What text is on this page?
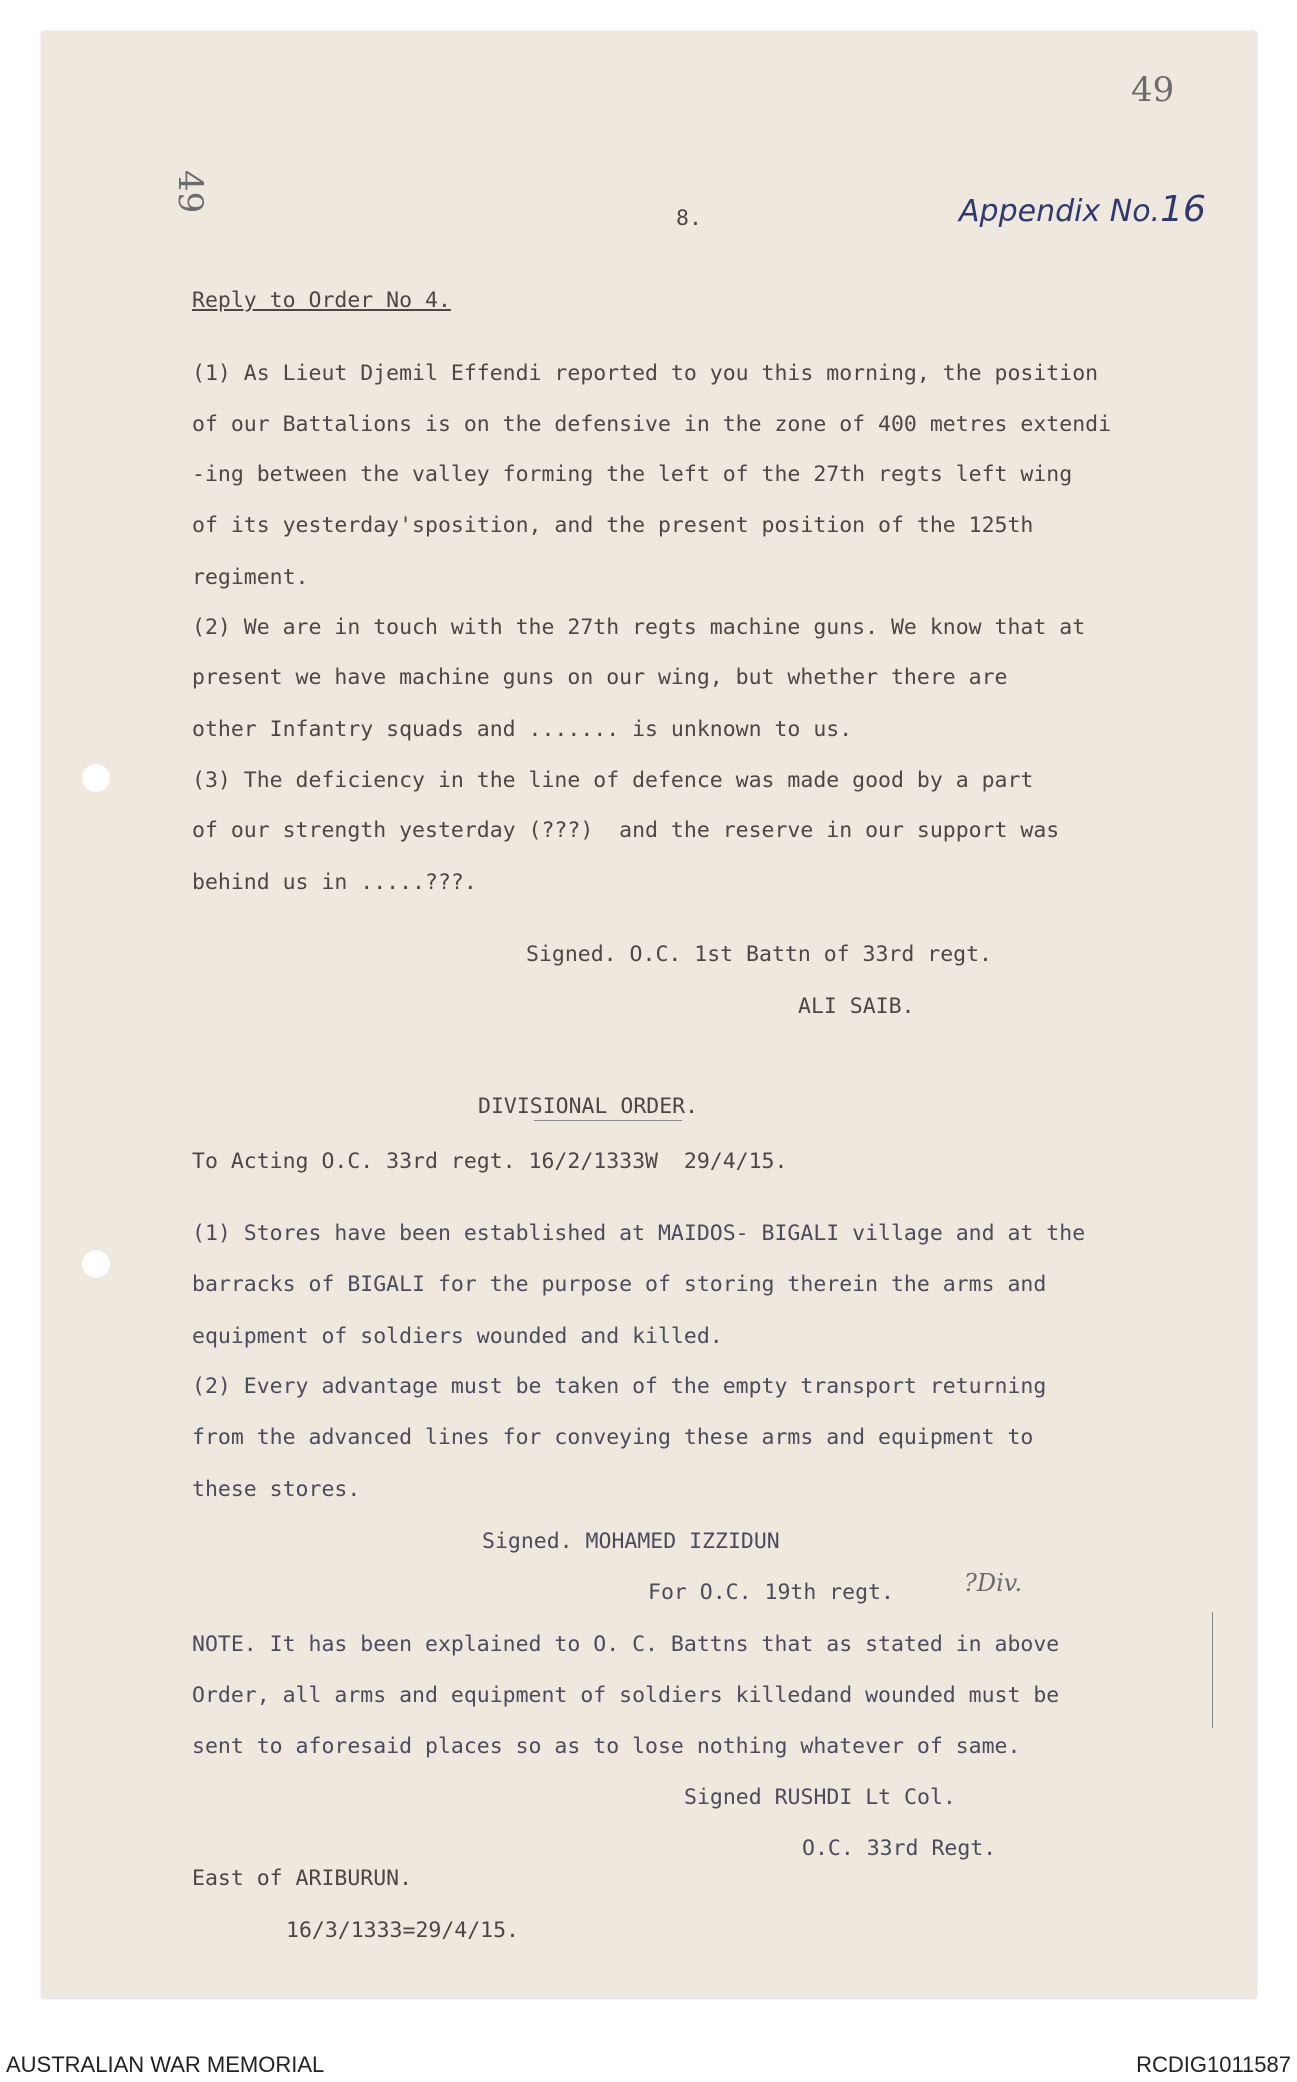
49
49
8.	Appendix No.16
Reply to Order No 4.
(1) As Lieut Djemil Effendi reported to you this morning, the position
of our Battalions is on the defensive in the zone of 400 metres extendi
-ing between the valley forming the left of the 27th regts left wing
of its yesterday'sposition, and the present position of the 125th
regiment.
(2) We are in touch with the 27th regts machine guns. We know that at
present we have machine guns on our wing, but whether there are
other Infantry squads and ....... is unknown to us.
(3) The deficiency in the line of defence was made good by a part
of our strength yesterday (???)  and the reserve in our support was
behind us in .....???.
Signed. O.C. 1st Battn of 33rd regt.
ALI SAIB.
DIVISIONAL ORDER.
To Acting O.C. 33rd regt. 16/2/1333W  29/4/15.
(1) Stores have been established at MAIDOS- BIGALI village and at the
barracks of BIGALI for the purpose of storing therein the arms and
equipment of soldiers wounded and killed.
(2) Every advantage must be taken of the empty transport returning
from the advanced lines for conveying these arms and equipment to
these stores.
Signed. MOHAMED IZZIDUN
For O.C. 19th regt.	?Div.
NOTE. It has been explained to O. C. Battns that as stated in above
Order, all arms and equipment of soldiers killedand wounded must be
sent to aforesaid places so as to lose nothing whatever of same.
Signed RUSHDI Lt Col.
O.C. 33rd Regt.
East of ARIBURUN.
16/3/1333=29/4/15.
AUSTRALIAN WAR MEMORIAL	RCDIG1011587
